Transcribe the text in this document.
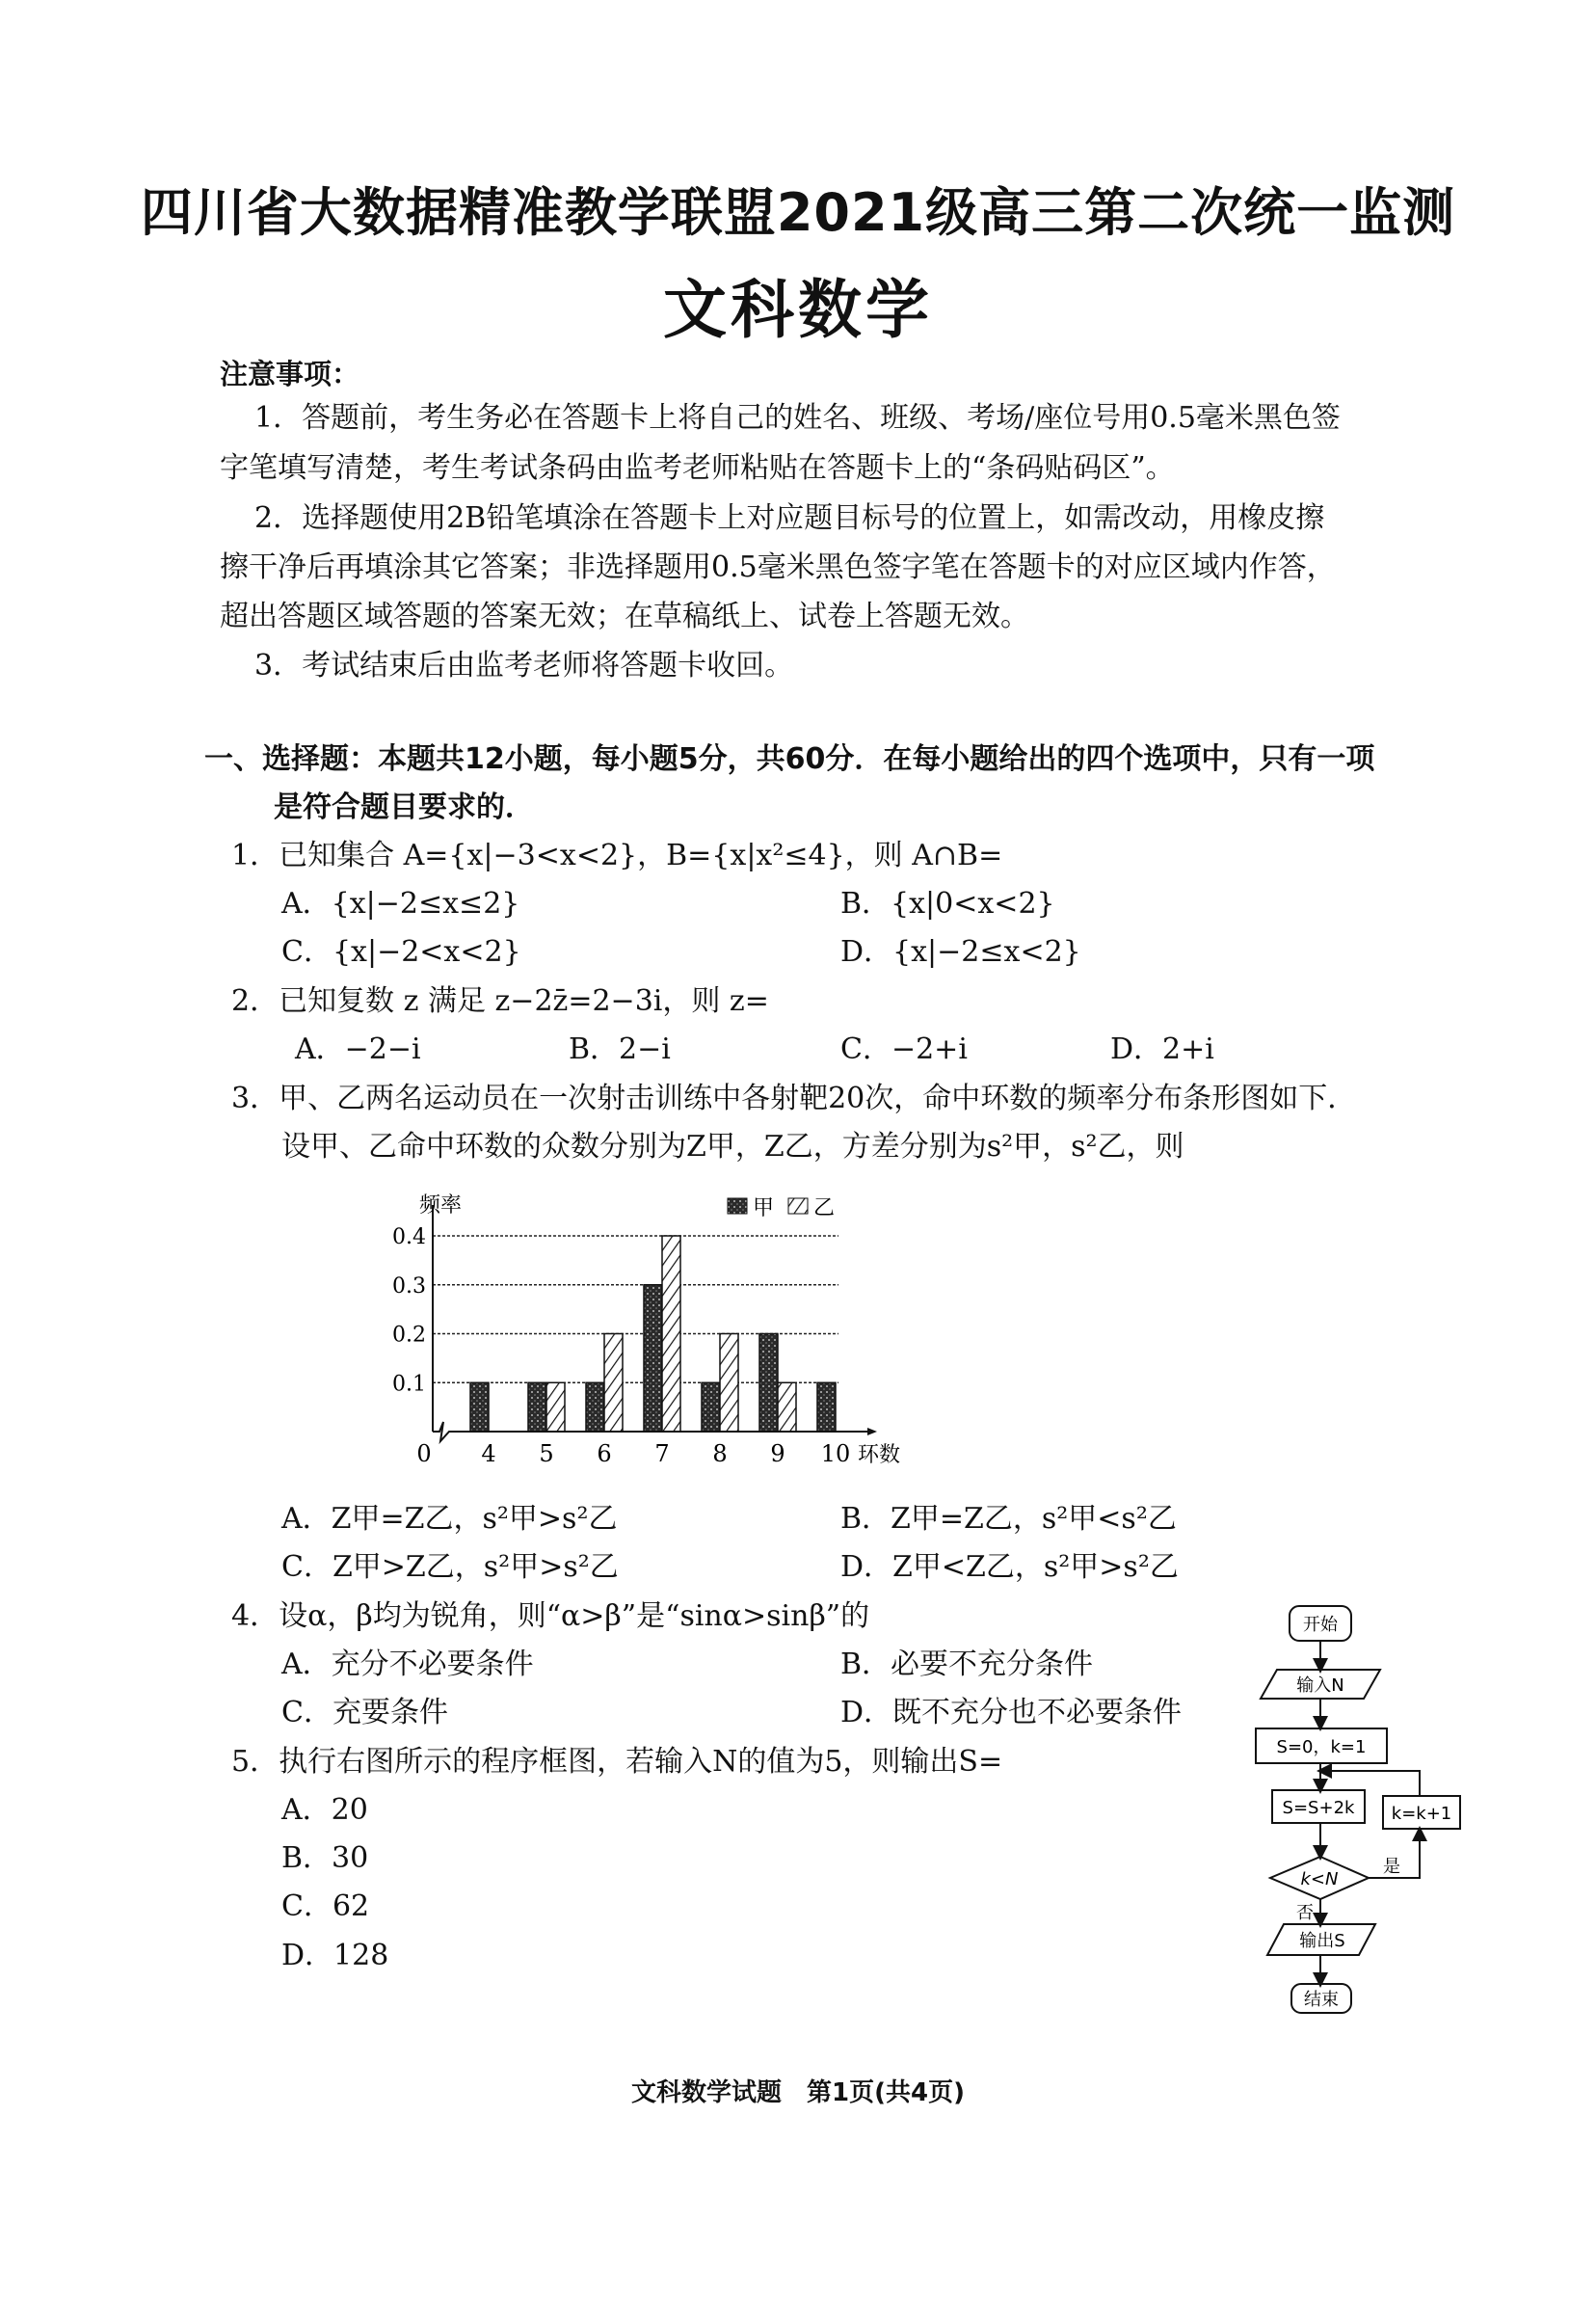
四川省大数据精准教学联盟2021级高三第二次统一监测
文科数学
注意事项：
1．答题前，考生务必在答题卡上将自己的姓名、班级、考场/座位号用0.5毫米黑色签
字笔填写清楚，考生考试条码由监考老师粘贴在答题卡上的“条码贴码区”。
2．选择题使用2B铅笔填涂在答题卡上对应题目标号的位置上，如需改动，用橡皮擦
擦干净后再填涂其它答案；非选择题用0.5毫米黑色签字笔在答题卡的对应区域内作答，
超出答题区域答题的答案无效；在草稿纸上、试卷上答题无效。
3．考试结束后由监考老师将答题卡收回。
一、选择题：本题共12小题，每小题5分，共60分．在每小题给出的四个选项中，只有一项
是符合题目要求的．
1．已知集合 A={x|−3<x<2}，B={x|x²≤4}，则 A∩B=
A．{x|−2≤x≤2}	B．{x|0<x<2}
C．{x|−2<x<2}	D．{x|−2≤x<2}
2．已知复数 z 满足 z−2z̄=2−3i，则 z=
A．−2−i	B．2−i	C．−2+i	D．2+i
3．甲、乙两名运动员在一次射击训练中各射靶20次，命中环数的频率分布条形图如下．
设甲、乙命中环数的众数分别为Z甲，Z乙，方差分别为s²甲，s²乙，则
频率
0	环数
0.1
0.2
0.3
0.4
4 5 6 7 8 9 10
甲 乙
A．Z甲=Z乙，s²甲>s²乙	B．Z甲=Z乙，s²甲<s²乙
C．Z甲>Z乙，s²甲>s²乙	D．Z甲<Z乙，s²甲>s²乙
4．设α，β均为锐角，则“α>β”是“sinα>sinβ”的
A．充分不必要条件	B．必要不充分条件
C．充要条件	D．既不充分也不必要条件
5．执行右图所示的程序框图，若输入N的值为5，则输出S=
A．20
B．30
C．62
D．128
开始
输入N
S=0，k=1
S=S+2k k=k+1
k<N
是
否
输出S
结束
文科数学试题　第1页(共4页)
